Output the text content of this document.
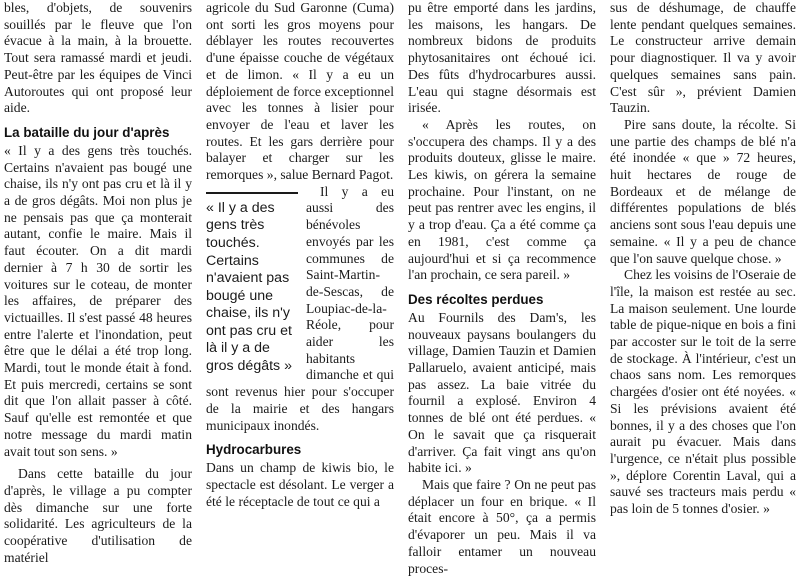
bles, d'objets, de souvenirs souillés par le fleuve que l'on évacue à la main, à la brouette. Tout sera ramassé mardi et jeudi. Peut-être par les équipes de Vinci Autoroutes qui ont proposé leur aide.

La bataille du jour d'après

« Il y a des gens très touchés. Certains n'avaient pas bougé une chaise, ils n'y ont pas cru et là il y a de gros dégâts. Moi non plus je ne pensais pas que ça monterait autant, confie le maire. Mais il faut écouter. On a dit mardi dernier à 7 h 30 de sortir les voitures sur le coteau, de monter les affaires, de préparer des victuailles. Il s'est passé 48 heures entre l'alerte et l'inondation, peut être que le délai a été trop long. Mardi, tout le monde était à fond. Et puis mercredi, certains se sont dit que l'on allait passer à côté. Sauf qu'elle est remontée et que notre message du mardi matin avait tout son sens. »

Dans cette bataille du jour d'après, le village a pu compter dès dimanche sur une forte solidarité. Les agriculteurs de la coopérative d'utilisation de matériel

agricole du Sud Garonne (Cuma) ont sorti les gros moyens pour déblayer les routes recouvertes d'une épaisse couche de végétaux et de limon. « Il y a eu un déploiement de force exceptionnel avec les tonnes à lisier pour envoyer de l'eau et laver les routes. Et les gars derrière pour balayer et charger sur les remorques », salue Bernard Pagot.

« Il y a des gens très touchés. Certains n'avaient pas bougé une chaise, ils n'y ont pas cru et là il y a de gros dégâts »

Il y a eu aussi des bénévoles envoyés par les communes de Saint-Martin-de-Sescas, de Loupiac-de-la-Réole, pour aider les habitants dimanche et qui sont revenus hier pour s'occuper de la mairie et des hangars municipaux inondés.

Hydrocarbures

Dans un champ de kiwis bio, le spectacle est désolant. Le verger a été le réceptacle de tout ce qui a

pu être emporté dans les jardins, les maisons, les hangars. De nombreux bidons de produits phytosanitaires ont échoué ici. Des fûts d'hydrocarbures aussi. L'eau qui stagne désormais est irisée.

« Après les routes, on s'occupera des champs. Il y a des produits douteux, glisse le maire. Les kiwis, on gérera la semaine prochaine. Pour l'instant, on ne peut pas rentrer avec les engins, il y a trop d'eau. Ça a été comme ça en 1981, c'est comme ça aujourd'hui et si ça recommence l'an prochain, ce sera pareil. »

Des récoltes perdues

Au Fournils des Dam's, les nouveaux paysans boulangers du village, Damien Tauzin et Damien Pallaruelo, avaient anticipé, mais pas assez. La baie vitrée du fournil a explosé. Environ 4 tonnes de blé ont été perdues. « On le savait que ça risquerait d'arriver. Ça fait vingt ans qu'on habite ici. »

Mais que faire ? On ne peut pas déplacer un four en brique. « Il était encore à 50°, ça a permis d'évaporer un peu. Mais il va falloir entamer un nouveau proces-

sus de déshumage, de chauffe lente pendant quelques semaines. Le constructeur arrive demain pour diagnostiquer. Il va y avoir quelques semaines sans pain. C'est sûr », prévient Damien Tauzin.

Pire sans doute, la récolte. Si une partie des champs de blé n'a été inondée « que » 72 heures, huit hectares de rouge de Bordeaux et de mélange de différentes populations de blés anciens sont sous l'eau depuis une semaine. « Il y a peu de chance que l'on sauve quelque chose. »

Chez les voisins de l'Oseraie de l'île, la maison est restée au sec. La maison seulement. Une lourde table de pique-nique en bois a fini par accoster sur le toit de la serre de stockage. À l'intérieur, c'est un chaos sans nom. Les remorques chargées d'osier ont été noyées. « Si les prévisions avaient été bonnes, il y a des choses que l'on aurait pu évacuer. Mais dans l'urgence, ce n'était plus possible », déplore Corentin Laval, qui a sauvé ses tracteurs mais perdu « pas loin de 5 tonnes d'osier. »
